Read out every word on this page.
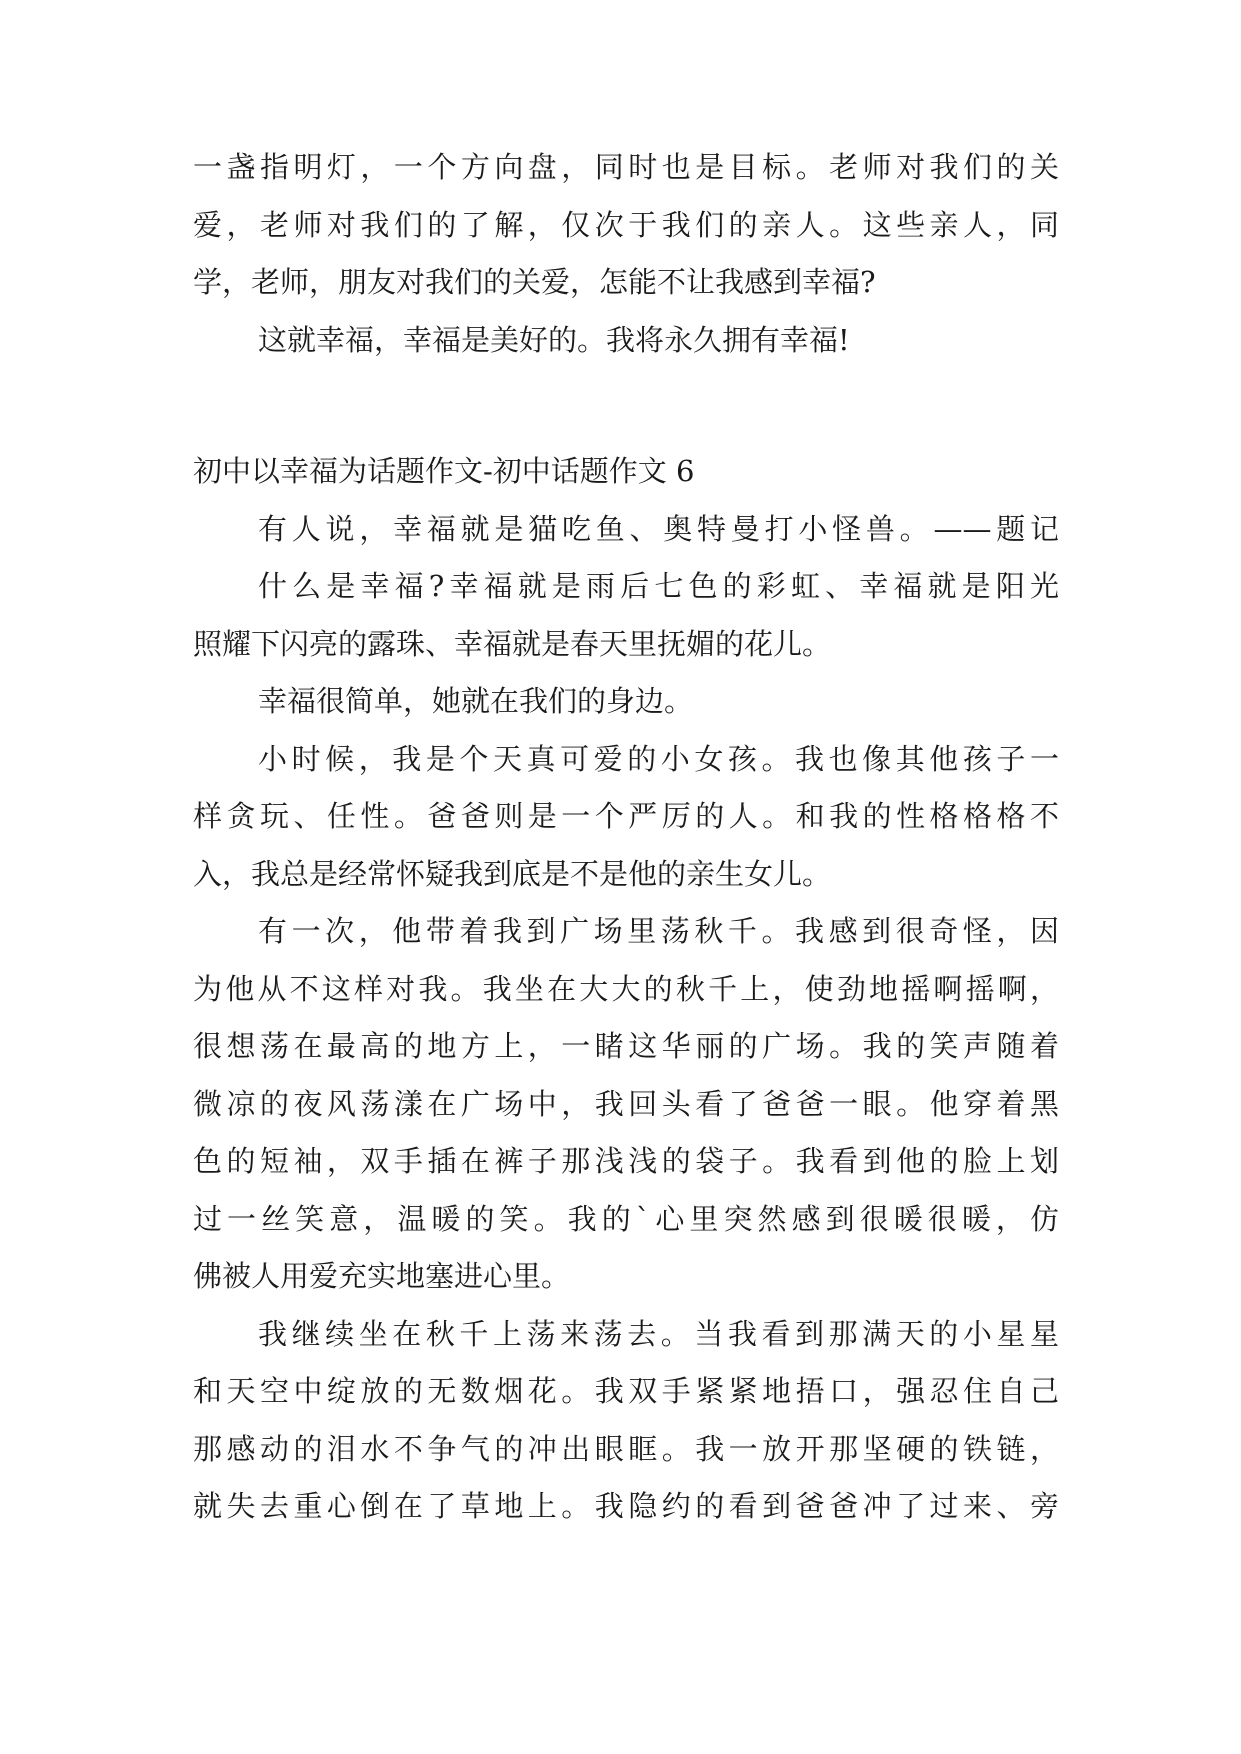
一盏指明灯，一个方向盘，同时也是目标。老师对我们的关
爱，老师对我们的了解，仅次于我们的亲人。这些亲人，同
学，老师，朋友对我们的关爱，怎能不让我感到幸福?
这就幸福，幸福是美好的。我将永久拥有幸福!
初中以幸福为话题作文-初中话题作文 6
有人说，幸福就是猫吃鱼、奥特曼打小怪兽。——题记
什么是幸福?幸福就是雨后七色的彩虹、幸福就是阳光
照耀下闪亮的露珠、幸福就是春天里抚媚的花儿。
幸福很简单，她就在我们的身边。
小时候，我是个天真可爱的小女孩。我也像其他孩子一
样贪玩、任性。爸爸则是一个严厉的人。和我的性格格格不
入，我总是经常怀疑我到底是不是他的亲生女儿。
有一次，他带着我到广场里荡秋千。我感到很奇怪，因
为他从不这样对我。我坐在大大的秋千上，使劲地摇啊摇啊，
很想荡在最高的地方上，一睹这华丽的广场。我的笑声随着
微凉的夜风荡漾在广场中，我回头看了爸爸一眼。他穿着黑
色的短袖，双手插在裤子那浅浅的袋子。我看到他的脸上划
过一丝笑意，温暖的笑。我的`心里突然感到很暖很暖，仿
佛被人用爱充实地塞进心里。
我继续坐在秋千上荡来荡去。当我看到那满天的小星星
和天空中绽放的无数烟花。我双手紧紧地捂口，强忍住自己
那感动的泪水不争气的冲出眼眶。我一放开那坚硬的铁链，
就失去重心倒在了草地上。我隐约的看到爸爸冲了过来、旁
